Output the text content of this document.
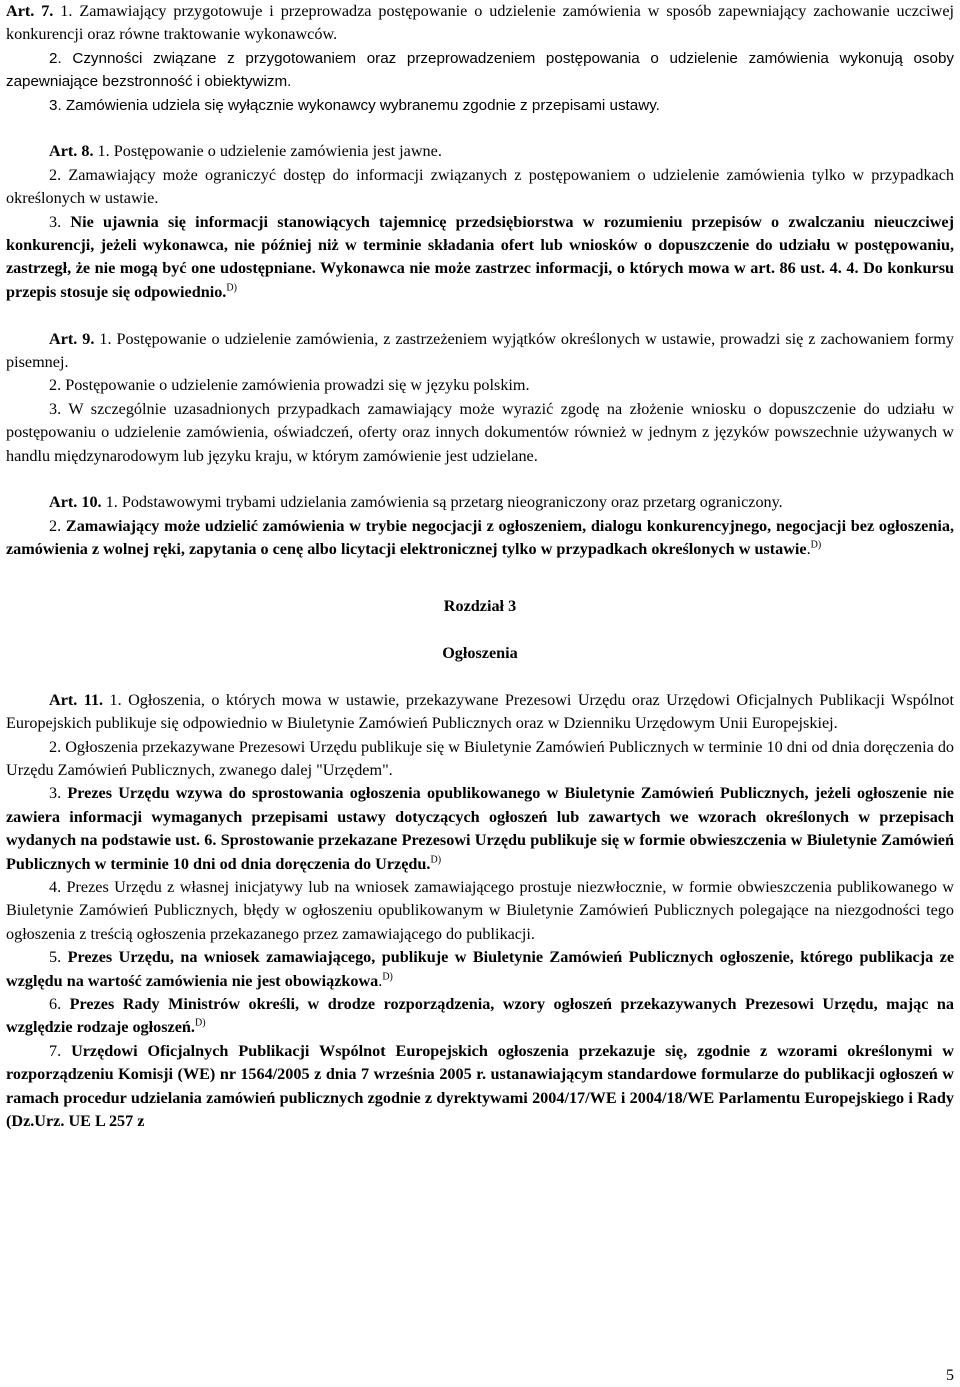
Art. 7. 1. Zamawiający przygotowuje i przeprowadza postępowanie o udzielenie zamówienia w sposób zapewniający zachowanie uczciwej konkurencji oraz równe traktowanie wykonawców.

2. Czynności związane z przygotowaniem oraz przeprowadzeniem postępowania o udzielenie zamówienia wykonują osoby zapewniające bezstronność i obiektywizm.

3. Zamówienia udziela się wyłącznie wykonawcy wybranemu zgodnie z przepisami ustawy.

Art. 8. 1. Postępowanie o udzielenie zamówienia jest jawne.

2. Zamawiający może ograniczyć dostęp do informacji związanych z postępowaniem o udzielenie zamówienia tylko w przypadkach określonych w ustawie.

3. Nie ujawnia się informacji stanowiących tajemnicę przedsiębiorstwa w rozumieniu przepisów o zwalczaniu nieuczciwej konkurencji, jeżeli wykonawca, nie później niż w terminie składania ofert lub wniosków o dopuszczenie do udziału w postępowaniu, zastrzegł, że nie mogą być one udostępniane. Wykonawca nie może zastrzec informacji, o których mowa w art. 86 ust. 4. 4. Do konkursu przepis stosuje się odpowiednio.$^{D)}$

Art. 9. 1. Postępowanie o udzielenie zamówienia, z zastrzeżeniem wyjątków określonych w ustawie, prowadzi się z zachowaniem formy pisemnej.

2. Postępowanie o udzielenie zamówienia prowadzi się w języku polskim.

3. W szczególnie uzasadnionych przypadkach zamawiający może wyrazić zgodę na złożenie wniosku o dopuszczenie do udziału w postępowaniu o udzielenie zamówienia, oświadczeń, oferty oraz innych dokumentów również w jednym z języków powszechnie używanych w handlu międzynarodowym lub języku kraju, w którym zamówienie jest udzielane.

Art. 10. 1. Podstawowymi trybami udzielania zamówienia są przetarg nieograniczony oraz przetarg ograniczony.

2. Zamawiający może udzielić zamówienia w trybie negocjacji z ogłoszeniem, dialogu konkurencyjnego, negocjacji bez ogłoszenia, zamówienia z wolnej ręki, zapytania o cenę albo licytacji elektronicznej tylko w przypadkach określonych w ustawie.$^{D)}$

Rozdział 3

Ogłoszenia

Art. 11. 1. Ogłoszenia, o których mowa w ustawie, przekazywane Prezesowi Urzędu oraz Urzędowi Oficjalnych Publikacji Wspólnot Europejskich publikuje się odpowiednio w Biuletynie Zamówień Publicznych oraz w Dzienniku Urzędowym Unii Europejskiej.

2. Ogłoszenia przekazywane Prezesowi Urzędu publikuje się w Biuletynie Zamówień Publicznych w terminie 10 dni od dnia doręczenia do Urzędu Zamówień Publicznych, zwanego dalej "Urzędem".

3. Prezes Urzędu wzywa do sprostowania ogłoszenia opublikowanego w Biuletynie Zamówień Publicznych, jeżeli ogłoszenie nie zawiera informacji wymaganych przepisami ustawy dotyczących ogłoszeń lub zawartych we wzorach określonych w przepisach wydanych na podstawie ust. 6. Sprostowanie przekazane Prezesowi Urzędu publikuje się w formie obwieszczenia w Biuletynie Zamówień Publicznych w terminie 10 dni od dnia doręczenia do Urzędu.$^{D)}$

4. Prezes Urzędu z własnej inicjatywy lub na wniosek zamawiającego prostuje niezwłocznie, w formie obwieszczenia publikowanego w Biuletynie Zamówień Publicznych, błędy w ogłoszeniu opublikowanym w Biuletynie Zamówień Publicznych polegające na niezgodności tego ogłoszenia z treścią ogłoszenia przekazanego przez zamawiającego do publikacji.

5. Prezes Urzędu, na wniosek zamawiającego, publikuje w Biuletynie Zamówień Publicznych ogłoszenie, którego publikacja ze względu na wartość zamówienia nie jest obowiązkowa.$^{D)}$

6. Prezes Rady Ministrów określi, w drodze rozporządzenia, wzory ogłoszeń przekazywanych Prezesowi Urzędu, mając na względzie rodzaje ogłoszeń.$^{D)}$

7. Urzędowi Oficjalnych Publikacji Wspólnot Europejskich ogłoszenia przekazuje się, zgodnie z wzorami określonymi w rozporządzeniu Komisji (WE) nr 1564/2005 z dnia 7 września 2005 r. ustanawiającym standardowe formularze do publikacji ogłoszeń w ramach procedur udzielania zamówień publicznych zgodnie z dyrektywami 2004/17/WE i 2004/18/WE Parlamentu Europejskiego i Rady (Dz.Urz. UE L 257 z

5
